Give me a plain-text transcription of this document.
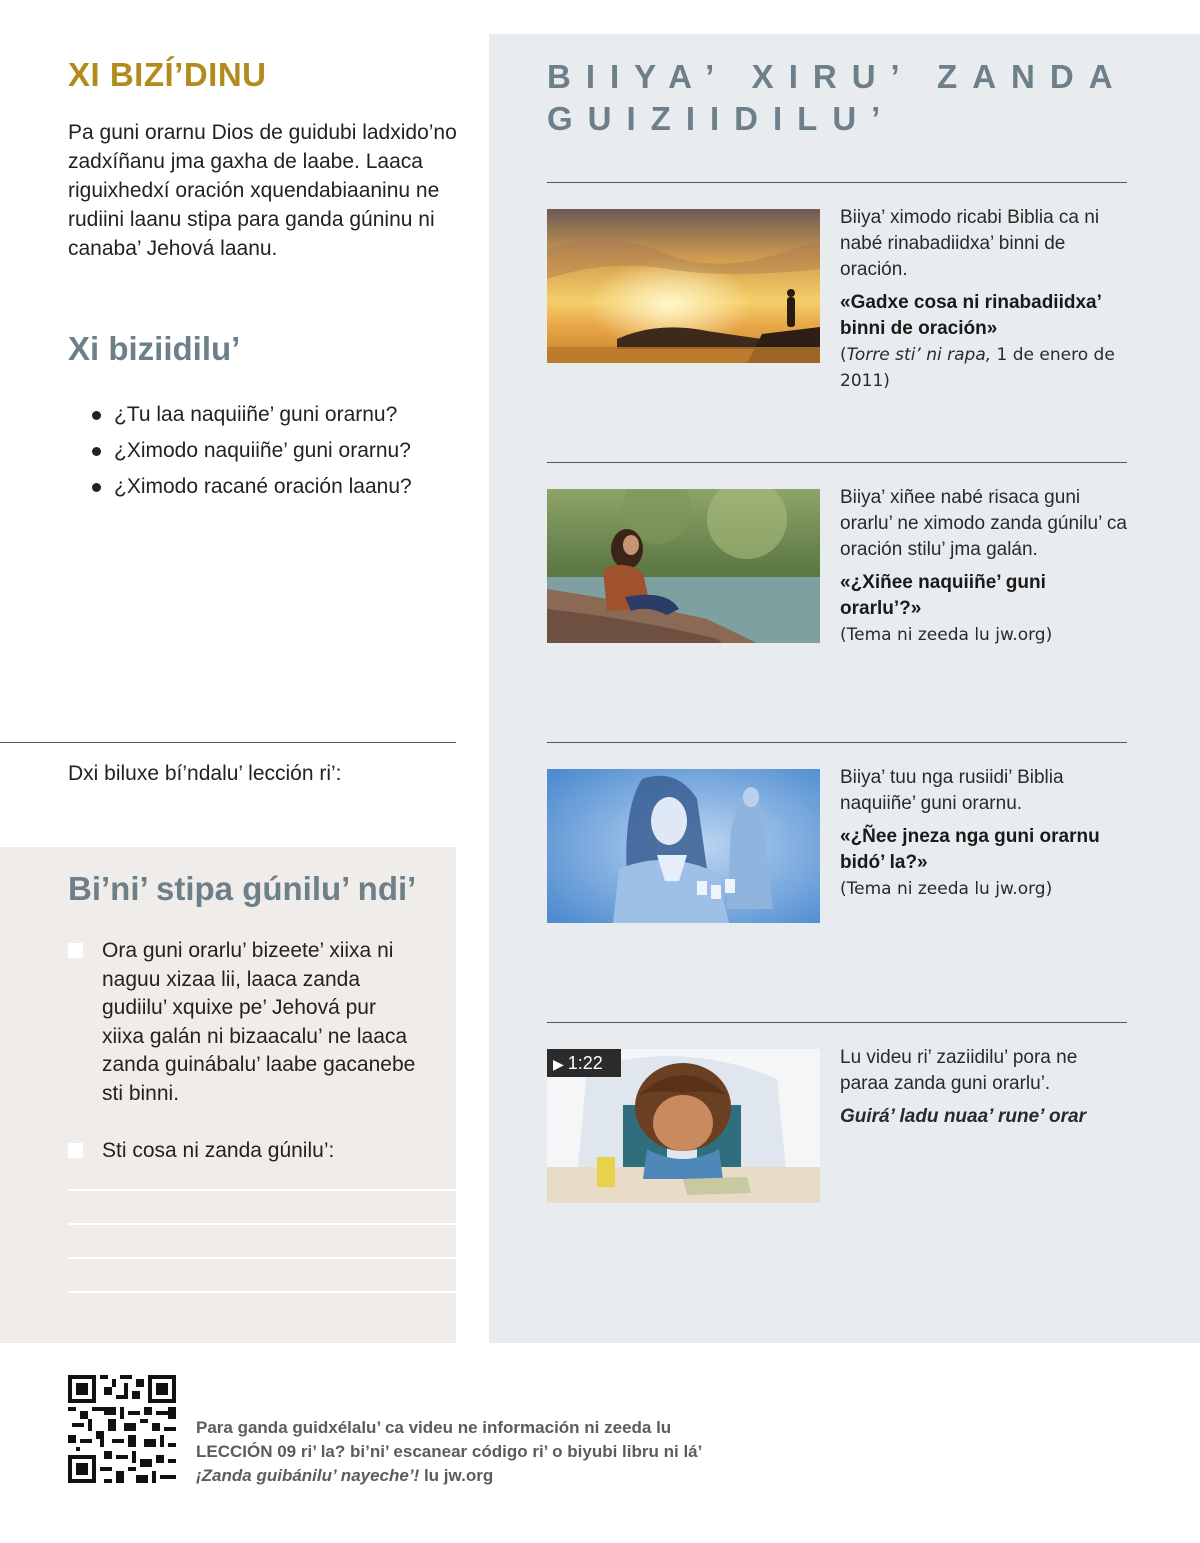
BIIYA’ XIRU’ ZANDA GUIZIIDILU’
Biiya’ ximodo ricabi Biblia ca ni nabé rinabadiidxa’ binni de oración.
«Gadxe cosa ni rinabadiidxa’ binni de oración»
(Torre sti’ ni rapa, 1 de enero de 2011)
Biiya’ xiñee nabé risaca guni orarlu’ ne ximodo zanda gúnilu’ ca oración stilu’ jma galán.
«¿Xiñee naquiiñe’ guni orarlu’?»
(Tema ni zeeda lu jw.org)
Biiya’ tuu nga rusiidi’ Biblia naquiiñe’ guni orarnu.
«¿Ñee jneza nga guni orarnu bidó’ la?»
(Tema ni zeeda lu jw.org)
▶ 1:22	Lu videu ri’ zaziidilu’ pora ne paraa zanda guni orarlu’.
Guirá’ ladu nuaa’ rune’ orar
XI BIZÍ’DINU
Pa guni orarnu Dios de guidubi ladxido’no zadxíñanu jma gaxha de laabe. Laaca riguixhedxí oración xquendabiaaninu ne rudiini laanu stipa para ganda gúninu ni canaba’ Jehová laanu.
Xi biziidilu’
¿Tu laa naquiiñe’ guni orarnu?
¿Ximodo naquiiñe’ guni orarnu?
¿Ximodo racané oración laanu?
Dxi biluxe bí’ndalu’ lección ri’:
Bi’ni’ stipa gúnilu’ ndi’
Ora guni orarlu’ bizeete’ xiixa ni naguu xizaa lii, laaca zanda gudiilu’ xquixe pe’ Jehová pur xiixa galán ni bizaacalu’ ne laaca zanda guinábalu’ laabe gacanebe sti binni.
Sti cosa ni zanda gúnilu’:
Para ganda guidxélalu’ ca videu ne información ni zeeda lu LECCIÓN 09 ri’ la? bi’ni’ escanear código ri’ o biyubi libru ni lá’ ¡Zanda guibánilu’ nayeche’! lu jw.org
